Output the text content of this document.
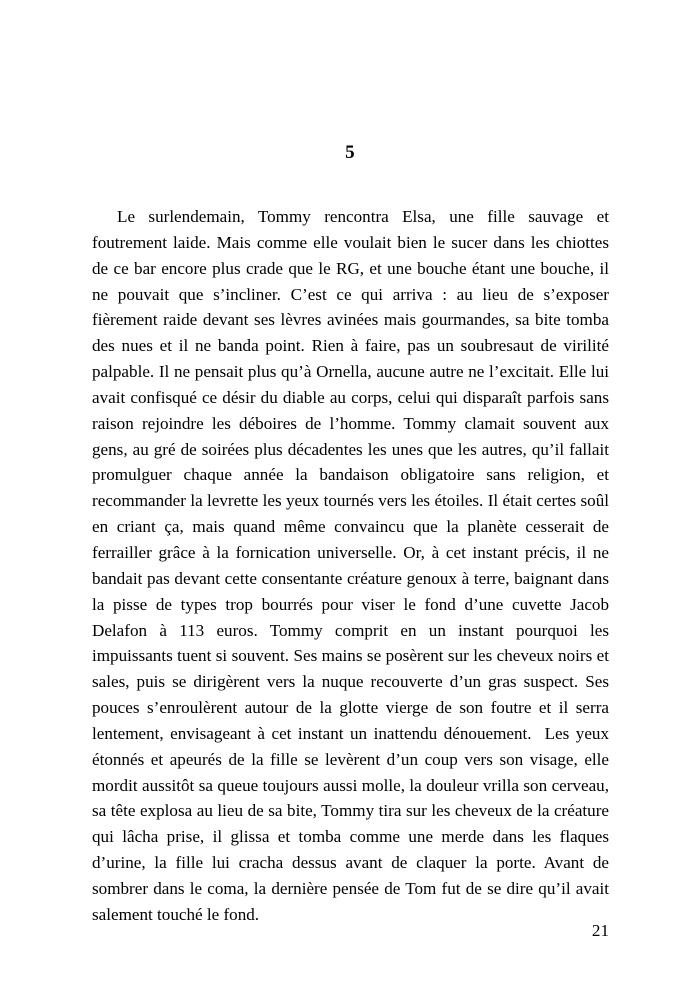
5

Le surlendemain, Tommy rencontra Elsa, une fille sauvage et foutrement laide. Mais comme elle voulait bien le sucer dans les chiottes de ce bar encore plus crade que le RG, et une bouche étant une bouche, il ne pouvait que s’incliner. C’est ce qui arriva : au lieu de s’exposer fièrement raide devant ses lèvres avinées mais gourmandes, sa bite tomba des nues et il ne banda point. Rien à faire, pas un soubresaut de virilité palpable. Il ne pensait plus qu’à Ornella, aucune autre ne l’excitait. Elle lui avait confisqué ce désir du diable au corps, celui qui disparaît parfois sans raison rejoindre les déboires de l’homme. Tommy clamait souvent aux gens, au gré de soirées plus décadentes les unes que les autres, qu’il fallait promulguer chaque année la bandaison obligatoire sans religion, et recommander la levrette les yeux tournés vers les étoiles. Il était certes soûl en criant ça, mais quand même convaincu que la planète cesserait de ferrailler grâce à la fornication universelle. Or, à cet instant précis, il ne bandait pas devant cette consentante créature genoux à terre, baignant dans la pisse de types trop bourrés pour viser le fond d’une cuvette Jacob Delafon à 113 euros. Tommy comprit en un instant pourquoi les impuissants tuent si souvent. Ses mains se posèrent sur les cheveux noirs et sales, puis se dirigèrent vers la nuque recouverte d’un gras suspect. Ses pouces s’enroulèrent autour de la glotte vierge de son foutre et il serra lentement, envisageant à cet instant un inattendu dénouement.  Les yeux étonnés et apeurés de la fille se levèrent d’un coup vers son visage, elle mordit aussitôt sa queue toujours aussi molle, la douleur vrilla son cerveau, sa tête explosa au lieu de sa bite, Tommy tira sur les cheveux de la créature qui lâcha prise, il glissa et tomba comme une merde dans les flaques d’urine, la fille lui cracha dessus avant de claquer la porte. Avant de sombrer dans le coma, la dernière pensée de Tom fut de se dire qu’il avait salement touché le fond.

21
